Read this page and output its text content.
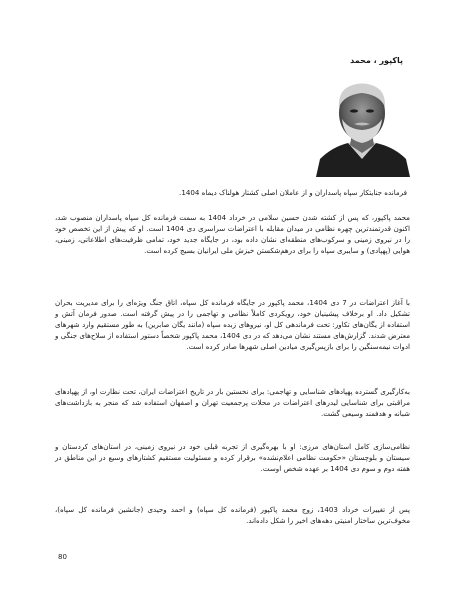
پاکپور ، محمد
فرمانده جنایتکار سپاه پاسداران و از عاملان اصلی کشتار هولناک دیماه 1404.

محمد پاکپور، که پس از کشته شدن حسین سلامی در خرداد 1404 به سمت فرمانده کل سپاه پاسداران منصوب شد، اکنون قدرتمندترین چهره نظامی در میدان مقابله با اعتراضات سراسری دی 1404 است. او که پیش از این تخصص خود را در نیروی زمینی و سرکوب‌های منطقه‌ای نشان داده بود، در جایگاه جدید خود، تمامی ظرفیت‌های اطلاعاتی، زمینی، هوایی (پهپادی) و سایبری سپاه را برای درهم‌شکستن خیزش ملی ایرانیان بسیج کرده است.

با آغاز اعتراضات در 7 دی 1404، محمد پاکپور در جایگاه فرمانده کل سپاه، اتاق جنگ ویژه‌ای را برای مدیریت بحران تشکیل داد. او برخلاف پیشینیان خود، رویکردی کاملاً نظامی و تهاجمی را در پیش گرفته است. صدور فرمان آتش و استفاده از یگان‌های تکاور: تحت فرماندهی کل او، نیروهای زبده سپاه (مانند یگان صابرین) به طور مستقیم وارد شهرهای معترض شدند. گزارش‌های مستند نشان می‌دهد که در دی 1404، محمد پاکپور شخصاً دستور استفاده از سلاح‌های جنگی و ادوات نیمه‌سنگین را برای بازپس‌گیری میادین اصلی شهرها صادر کرده است.

به‌کارگیری گسترده پهپادهای شناسایی و تهاجمی: برای نخستین بار در تاریخ اعتراضات ایران، تحت نظارت او، از پهپادهای مراقبتی برای شناسایی لیدرهای اعتراضات در محلات پرجمعیت تهران و اصفهان استفاده شد که منجر به بازداشت‌های شبانه و هدفمند وسیعی گشت.

نظامی‌سازی کامل استان‌های مرزی: او با بهره‌گیری از تجربه قبلی خود در نیروی زمینی، در استان‌های کردستان و سیستان و بلوچستان «حکومت نظامی اعلام‌نشده» برقرار کرده و مسئولیت مستقیم کشتارهای وسیع در این مناطق در هفته دوم و سوم دی 1404 بر عهده شخص اوست.

پس از تغییرات خرداد 1403، زوج محمد پاکپور (فرمانده کل سپاه) و احمد وحیدی (جانشین فرمانده کل سپاه)، مخوف‌ترین ساختار امنیتی دهه‌های اخیر را شکل داده‌اند.

80
